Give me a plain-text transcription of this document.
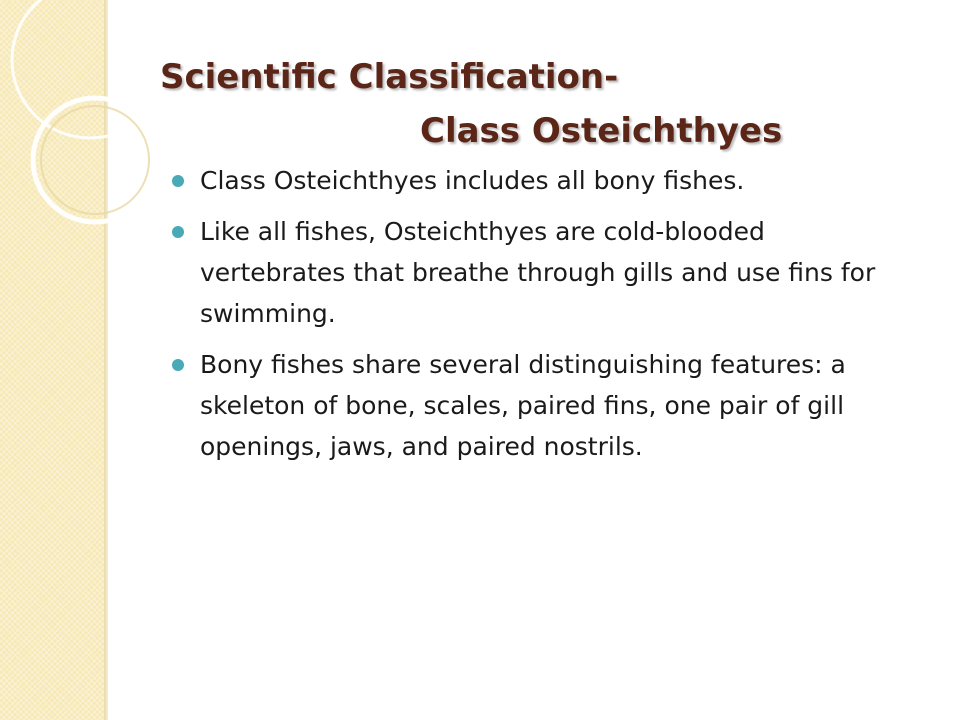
Scientific Classification-
Class Osteichthyes
Class Osteichthyes includes all bony fishes.
Like all fishes, Osteichthyes are cold-blooded vertebrates that breathe through gills and use fins for swimming.
Bony fishes share several distinguishing features: a skeleton of bone, scales, paired fins, one pair of gill openings, jaws, and paired nostrils.
